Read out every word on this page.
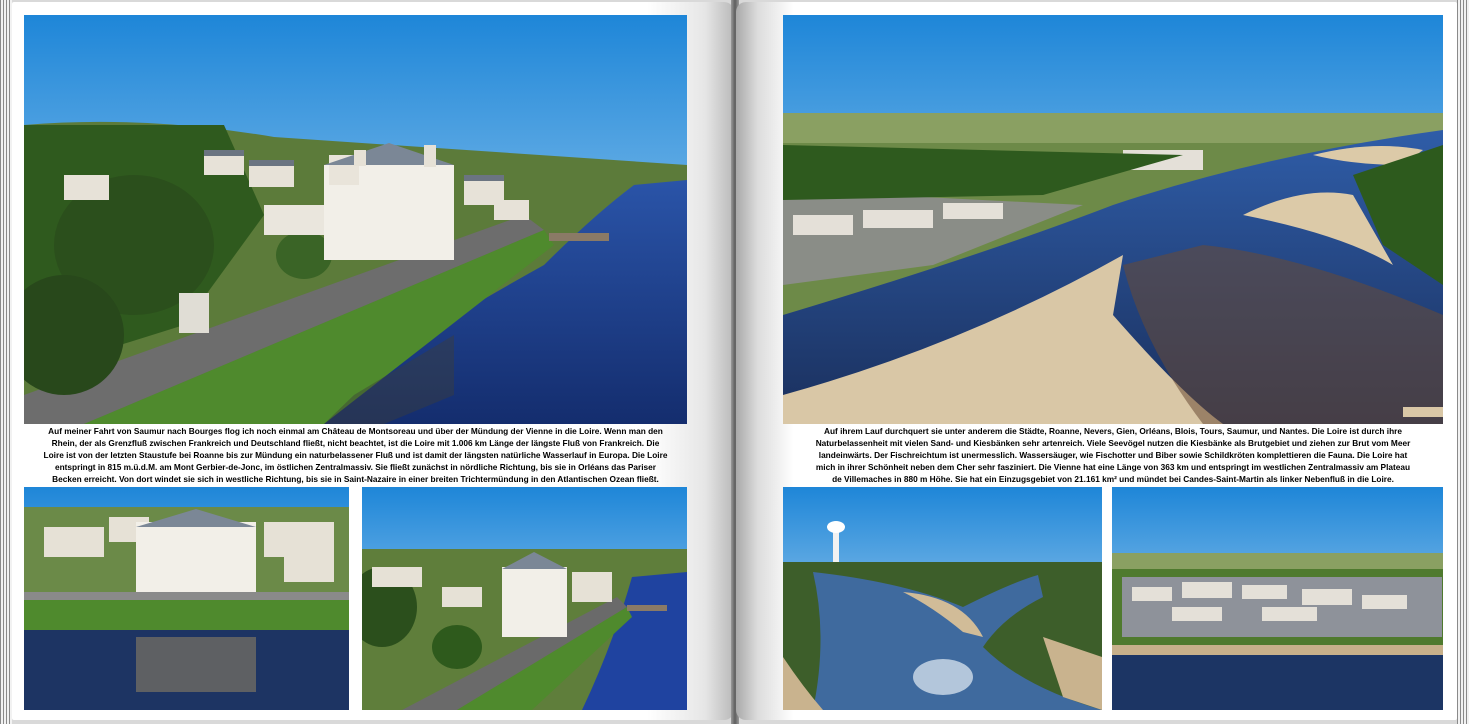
Auf meiner Fahrt von Saumur nach Bourges flog ich noch einmal am Château de Montsoreau und über der Mündung der Vienne in die Loire. Wenn man den
Rhein, der als Grenzfluß zwischen Frankreich und Deutschland fließt, nicht beachtet, ist die Loire mit 1.006 km Länge der längste Fluß von Frankreich. Die
Loire ist von der letzten Staustufe bei Roanne bis zur Mündung ein naturbelassener Fluß und ist damit der längsten natürliche Wasserlauf in Europa. Die Loire
entspringt in 815 m.ü.d.M. am Mont Gerbier-de-Jonc, im östlichen Zentralmassiv. Sie fließt zunächst in nördliche Richtung, bis sie in Orléans das Pariser
Becken erreicht. Von dort windet sie sich in westliche Richtung, bis sie in Saint-Nazaire in einer breiten Trichtermündung in den Atlantischen Ozean fließt.
Auf ihrem Lauf durchquert sie unter anderem die Städte, Roanne, Nevers, Gien, Orléans, Blois, Tours, Saumur, und Nantes. Die Loire ist durch ihre
Naturbelassenheit mit vielen Sand- und Kiesbänken sehr artenreich. Viele Seevögel nutzen die Kiesbänke als Brutgebiet und ziehen zur Brut vom Meer
landeinwärts. Der Fischreichtum ist unermesslich. Wassersäuger, wie Fischotter und Biber sowie Schildkröten komplettieren die Fauna. Die Loire hat
mich in ihrer Schönheit neben dem Cher sehr fasziniert. Die Vienne hat eine Länge von 363 km und entspringt im westlichen Zentralmassiv am Plateau
de Villemaches in 880 m Höhe. Sie hat ein Einzugsgebiet von 21.161 km² und mündet bei Candes-Saint-Martin als linker Nebenfluß in die Loire.
